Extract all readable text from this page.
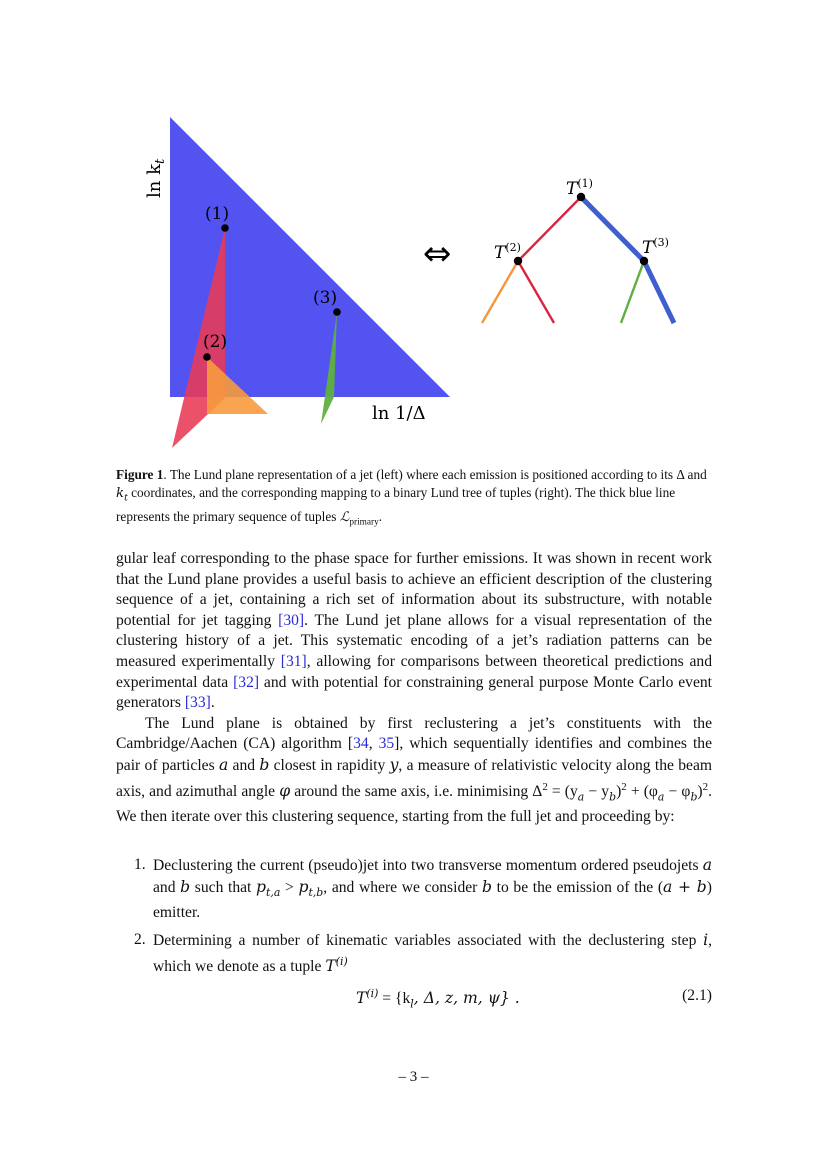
(1)
(2)
(3)
$\ln k_t$
ln 1/Δ
⇔
$T^{(1)}$
$T^{(2)}$	$T^{(3)}$
Figure 1. The Lund plane representation of a jet (left) where each emission is positioned according to its Δ and $k_t$ coordinates, and the corresponding mapping to a binary Lund tree of tuples (right). The thick blue line represents the primary sequence of tuples ℒ$_{primary}$.

gular leaf corresponding to the phase space for further emissions. It was shown in recent work that the Lund plane provides a useful basis to achieve an efficient description of the clustering sequence of a jet, containing a rich set of information about its substructure, with notable potential for jet tagging [30]. The Lund jet plane allows for a visual representation of the clustering history of a jet. This systematic encoding of a jet’s radiation patterns can be measured experimentally [31], allowing for comparisons between theoretical predictions and experimental data [32] and with potential for constraining general purpose Monte Carlo event generators [33].

The Lund plane is obtained by first reclustering a jet’s constituents with the Cambridge/Aachen (CA) algorithm [34, 35], which sequentially identifies and combines the pair of particles a and b closest in rapidity y, a measure of relativistic velocity along the beam axis, and azimuthal angle φ around the same axis, i.e. minimising $\Delta^2 = (y_a - y_b)^2 + (\varphi_a - \varphi_b)^2$. We then iterate over this clustering sequence, starting from the full jet and proceeding by:

1. Declustering the current (pseudo)jet into two transverse momentum ordered pseudojets a and b such that $p_{t,a} > p_{t,b}$, and where we consider b to be the emission of the (a + b) emitter.
2. Determining a number of kinematic variables associated with the declustering step i, which we denote as a tuple $T^{(i)}$
$T^{(i)} = \{k_l$, Δ, z, m, ψ} .	(2.1)
– 3 –
